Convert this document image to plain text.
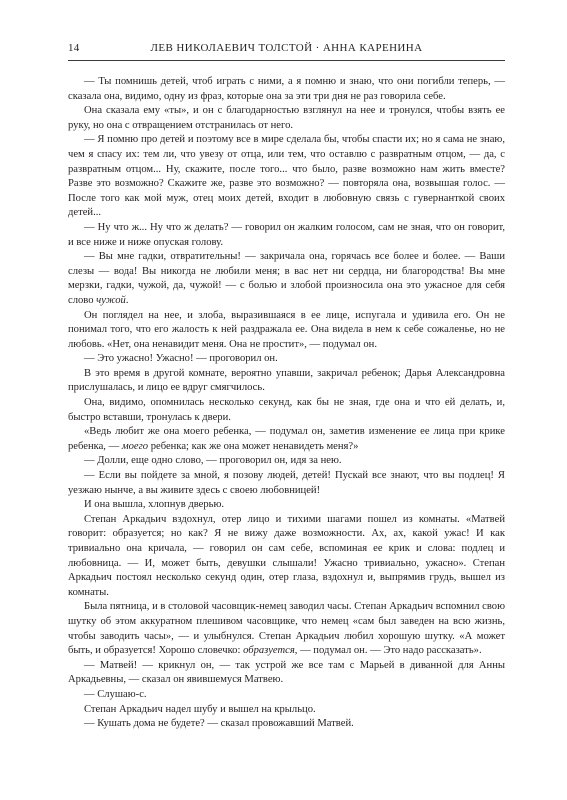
14	ЛЕВ НИКОЛАЕВИЧ ТОЛСТОЙ · АННА КАРЕНИНА

— Ты помнишь детей, чтоб играть с ними, а я помню и знаю, что они погибли теперь, — сказала она, видимо, одну из фраз, которые она за эти три дня не раз говорила себе.

Она сказала ему «ты», и он с благодарностью взглянул на нее и тронулся, чтобы взять ее руку, но она с отвращением отстранилась от него.

— Я помню про детей и поэтому все в мире сделала бы, чтобы спасти их; но я сама не знаю, чем я спасу их: тем ли, что увезу от отца, или тем, что оставлю с развратным отцом, — да, с развратным отцом... Ну, скажите, после того... что было, разве возможно нам жить вместе? Разве это возможно? Скажите же, разве это возможно? — повторяла она, возвышая голос. — После того как мой муж, отец моих детей, входит в любовную связь с гувернанткой своих детей...

— Ну что ж... Ну что ж делать? — говорил он жалким голосом, сам не зная, что он говорит, и все ниже и ниже опуская голову.

— Вы мне гадки, отвратительны! — закричала она, горячась все более и более. — Ваши слезы — вода! Вы никогда не любили меня; в вас нет ни сердца, ни благородства! Вы мне мерзки, гадки, чужой, да, чужой! — с болью и злобой произносила она это ужасное для себя слово чужой.

Он поглядел на нее, и злоба, выразившаяся в ее лице, испугала и удивила его. Он не понимал того, что его жалость к ней раздражала ее. Она видела в нем к себе сожаленье, но не любовь. «Нет, она ненавидит меня. Она не простит», — подумал он.

— Это ужасно! Ужасно! — проговорил он.

В это время в другой комнате, вероятно упавши, закричал ребенок; Дарья Александровна прислушалась, и лицо ее вдруг смягчилось.

Она, видимо, опомнилась несколько секунд, как бы не зная, где она и что ей делать, и, быстро вставши, тронулась к двери.

«Ведь любит же она моего ребенка, — подумал он, заметив изменение ее лица при крике ребенка, — моего ребенка; как же она может ненавидеть меня?»

— Долли, еще одно слово, — проговорил он, идя за нею.

— Если вы пойдете за мной, я позову людей, детей! Пускай все знают, что вы подлец! Я уезжаю нынче, а вы живите здесь с своею любовницей!

И она вышла, хлопнув дверью.

Степан Аркадьич вздохнул, отер лицо и тихими шагами пошел из комнаты. «Матвей говорит: образуется; но как? Я не вижу даже возможности. Ах, ах, какой ужас! И как тривиально она кричала, — говорил он сам себе, вспоминая ее крик и слова: подлец и любовница. — И, может быть, девушки слышали! Ужасно тривиально, ужасно». Степан Аркадьич постоял несколько секунд один, отер глаза, вздохнул и, выпрямив грудь, вышел из комнаты.

Была пятница, и в столовой часовщик-немец заводил часы. Степан Аркадьич вспомнил свою шутку об этом аккуратном плешивом часовщике, что немец «сам был заведен на всю жизнь, чтобы заводить часы», — и улыбнулся. Степан Аркадьич любил хорошую шутку. «А может быть, и образуется! Хорошо словечко: образуется, — подумал он. — Это надо рассказать».

— Матвей! — крикнул он, — так устрой же все там с Марьей в диванной для Анны Аркадьевны, — сказал он явившемуся Матвею.

— Слушаю-с.

Степан Аркадьич надел шубу и вышел на крыльцо.

— Кушать дома не будете? — сказал провожавший Матвей.
